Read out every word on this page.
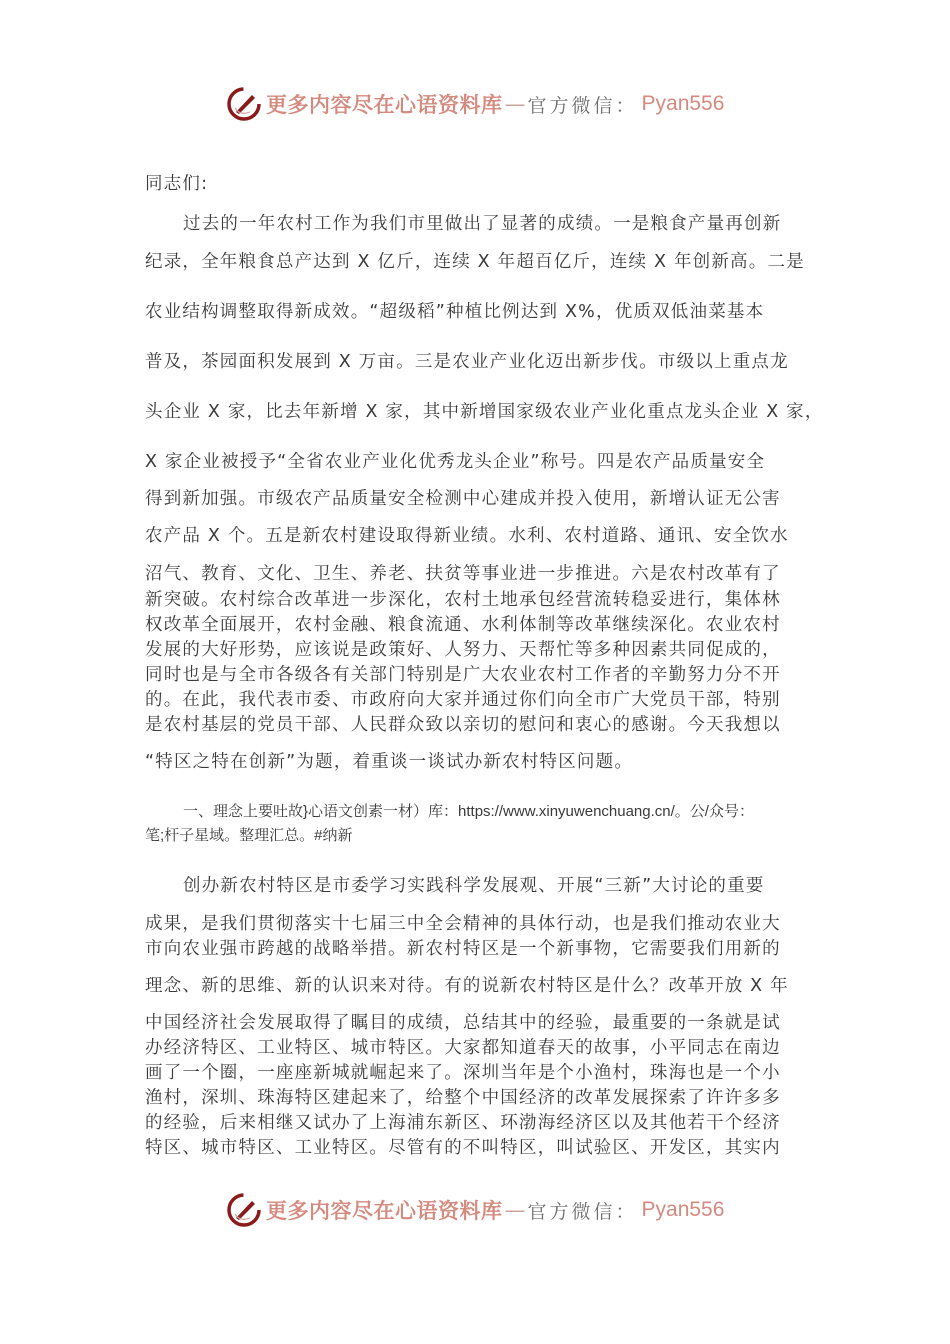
更多内容尽在心语资料库 — 官方微信： Pyan556
同志们:
过去的一年农村工作为我们市里做出了显著的成绩。一是粮食产量再创新
纪录，全年粮食总产达到 X 亿斤，连续 X 年超百亿斤，连续 X 年创新高。二是
农业结构调整取得新成效。“超级稻”种植比例达到 X%，优质双低油菜基本
普及，茶园面积发展到 X 万亩。三是农业产业化迈出新步伐。市级以上重点龙
头企业 X 家，比去年新增 X 家，其中新增国家级农业产业化重点龙头企业 X 家，
X 家企业被授予“全省农业产业化优秀龙头企业”称号。四是农产品质量安全
得到新加强。市级农产品质量安全检测中心建成并投入使用，新增认证无公害
农产品 X 个。五是新农村建设取得新业绩。水利、农村道路、通讯、安全饮水
沼气、教育、文化、卫生、养老、扶贫等事业进一步推进。六是农村改革有了
新突破。农村综合改革进一步深化，农村土地承包经营流转稳妥进行，集体林
权改革全面展开，农村金融、粮食流通、水利体制等改革继续深化。农业农村
发展的大好形势，应该说是政策好、人努力、天帮忙等多种因素共同促成的，
同时也是与全市各级各有关部门特别是广大农业农村工作者的辛勤努力分不开
的。在此，我代表市委、市政府向大家并通过你们向全市广大党员干部，特别
是农村基层的党员干部、人民群众致以亲切的慰问和衷心的感谢。今天我想以
“特区之特在创新”为题，着重谈一谈试办新农村特区问题。
一、理念上要吐故}心语文创素一材）库：https://www.xinyuwenchuang.cn/。公/众号：
笔;杆子星域。整理汇总。#纳新
创办新农村特区是市委学习实践科学发展观、开展“三新”大讨论的重要
成果，是我们贯彻落实十七届三中全会精神的具体行动，也是我们推动农业大
市向农业强市跨越的战略举措。新农村特区是一个新事物，它需要我们用新的
理念、新的思维、新的认识来对待。有的说新农村特区是什么？改革开放 X 年
中国经济社会发展取得了瞩目的成绩，总结其中的经验，最重要的一条就是试
办经济特区、工业特区、城市特区。大家都知道春天的故事，小平同志在南边
画了一个圈，一座座新城就崛起来了。深圳当年是个小渔村，珠海也是一个小
渔村，深圳、珠海特区建起来了，给整个中国经济的改革发展探索了许许多多
的经验，后来相继又试办了上海浦东新区、环渤海经济区以及其他若干个经济
特区、城市特区、工业特区。尽管有的不叫特区，叫试验区、开发区，其实内
更多内容尽在心语资料库 — 官方微信： Pyan556
